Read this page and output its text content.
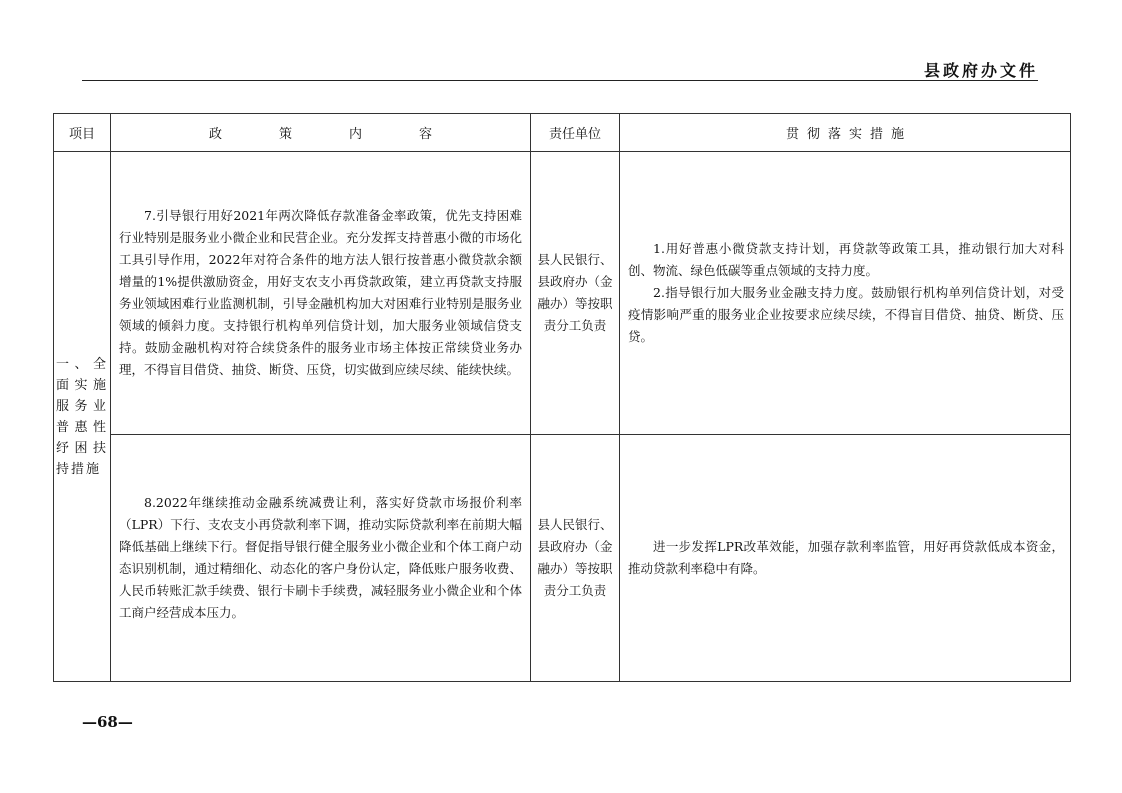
县政府办文件
项目	政　策　内　容	责任单位	贯彻落实措施
一、全面实施服务业普惠性纾困扶持措施	7.引导银行用好2021年两次降低存款准备金率政策，优先支持困难行业特别是服务业小微企业和民营企业。充分发挥支持普惠小微的市场化工具引导作用，2022年对符合条件的地方法人银行按普惠小微贷款余额增量的1%提供激励资金，用好支农支小再贷款政策，建立再贷款支持服务业领域困难行业监测机制，引导金融机构加大对困难行业特别是服务业领域的倾斜力度。支持银行机构单列信贷计划，加大服务业领域信贷支持。鼓励金融机构对符合续贷条件的服务业市场主体按正常续贷业务办理，不得盲目借贷、抽贷、断贷、压贷，切实做到应续尽续、能续快续。	县人民银行、县政府办（金融办）等按职责分工负责	1.用好普惠小微贷款支持计划，再贷款等政策工具，推动银行加大对科创、物流、绿色低碳等重点领域的支持力度。

2.指导银行加大服务业金融支持力度。鼓励银行机构单列信贷计划，对受疫情影响严重的服务业企业按要求应续尽续，不得盲目借贷、抽贷、断贷、压贷。

	8.2022年继续推动金融系统减费让利，落实好贷款市场报价利率（LPR）下行、支农支小再贷款利率下调，推动实际贷款利率在前期大幅降低基础上继续下行。督促指导银行健全服务业小微企业和个体工商户动态识别机制，通过精细化、动态化的客户身份认定，降低账户服务收费、人民币转账汇款手续费、银行卡刷卡手续费，减轻服务业小微企业和个体工商户经营成本压力。	县人民银行、县政府办（金融办）等按职责分工负责	进一步发挥LPR改革效能，加强存款利率监管，用好再贷款低成本资金，推动贷款利率稳中有降。

—68—
